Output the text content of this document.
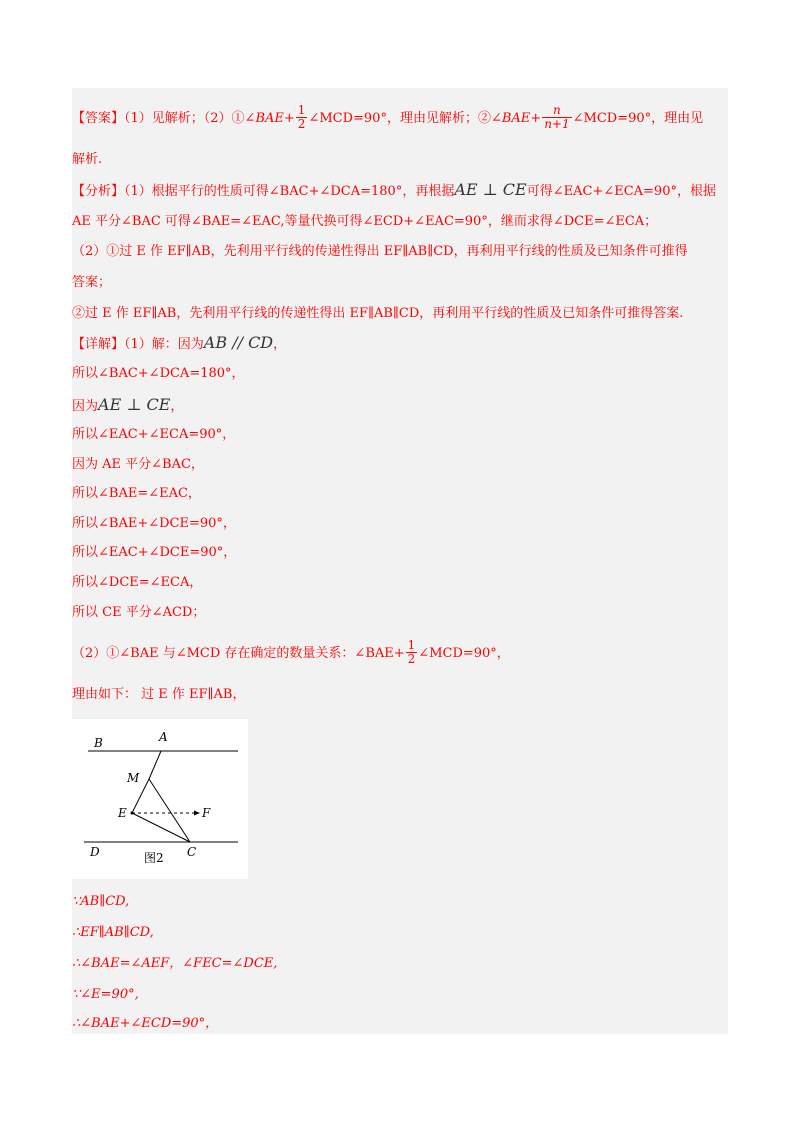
【答案】（1）见解析；（2）①∠BAE+ $\frac{1}{2}$ ∠MCD=90°，理由见解析；②∠BAE+ $\frac{n}{n+1}$ ∠MCD=90°，理由见
解析.
【分析】（1）根据平行的性质可得∠BAC+∠DCA=180°，再根据AE ⊥ CE可得∠EAC+∠ECA=90°，根据
AE 平分∠BAC 可得∠BAE=∠EAC,等量代换可得∠ECD+∠EAC=90°，继而求得∠DCE=∠ECA；
（2）①过 E 作 EF∥AB，先利用平行线的传递性得出 EF∥AB∥CD，再利用平行线的性质及已知条件可推得
答案；
②过 E 作 EF∥AB，先利用平行线的传递性得出 EF∥AB∥CD，再利用平行线的性质及已知条件可推得答案.
【详解】（1）解：因为AB // CD，
所以∠BAC+∠DCA=180°，
因为AE ⊥ CE，
所以∠EAC+∠ECA=90°，
因为 AE 平分∠BAC，
所以∠BAE=∠EAC，
所以∠BAE+∠DCE=90°，
所以∠EAC+∠DCE=90°，
所以∠DCE=∠ECA，
所以 CE 平分∠ACD；
（2）①∠BAE 与∠MCD 存在确定的数量关系：∠BAE+ $\frac{1}{2}$ ∠MCD=90°，
理由如下： 过 E 作 EF∥AB，
B	A
M
E	F
D	C
图2
∵AB∥CD,
∴EF∥AB∥CD,
∴∠BAE=∠AEF，∠FEC=∠DCE,
∵∠E=90°,
∴∠BAE+∠ECD=90°，
